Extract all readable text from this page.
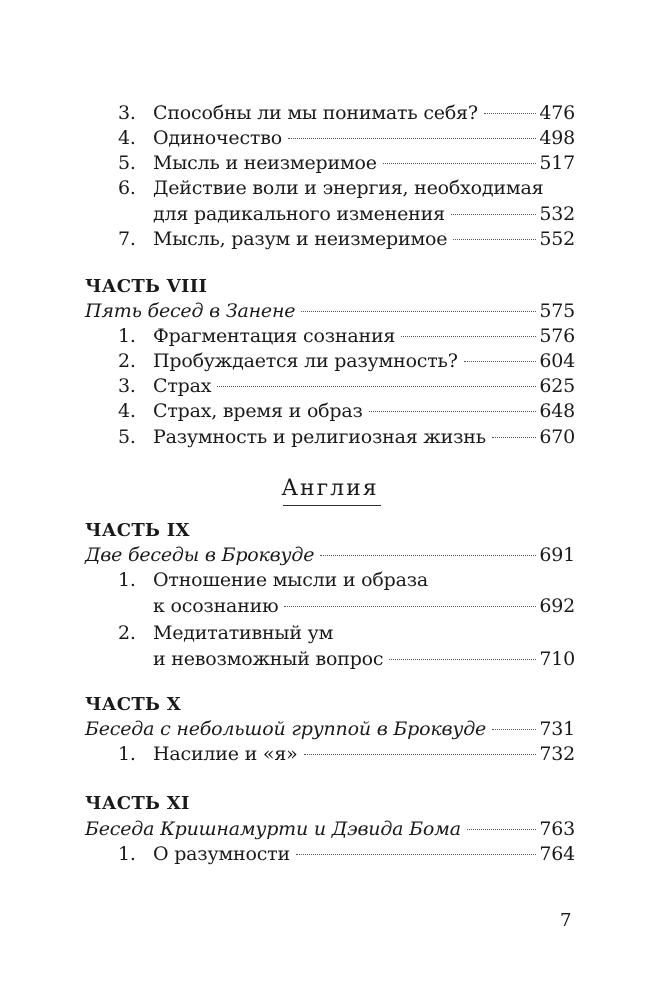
3. Способны ли мы понимать себя?	476
4. Одиночество	498
5. Мысль и неизмеримое	517
6. Действие воли и энергия, необходимая
для радикального изменения	532
7. Мысль, разум и неизмеримое	552
ЧАСТЬ VIII
Пять бесед в Занене	575
1. Фрагментация сознания	576
2. Пробуждается ли разумность?	604
3. Страх	625
4. Страх, время и образ	648
5. Разумность и религиозная жизнь	670
ЧАСТЬ IX
Две беседы в Броквуде	691
1. Отношение мысли и образа
к осознанию	692
2. Медитативный ум
и невозможный вопрос	710
ЧАСТЬ X
Беседа с небольшой группой в Броквуде	731
1. Насилие и «я»	732
ЧАСТЬ XI
Беседа Кришнамурти и Дэвида Бома	763
1. О разумности	764
Англия
7
